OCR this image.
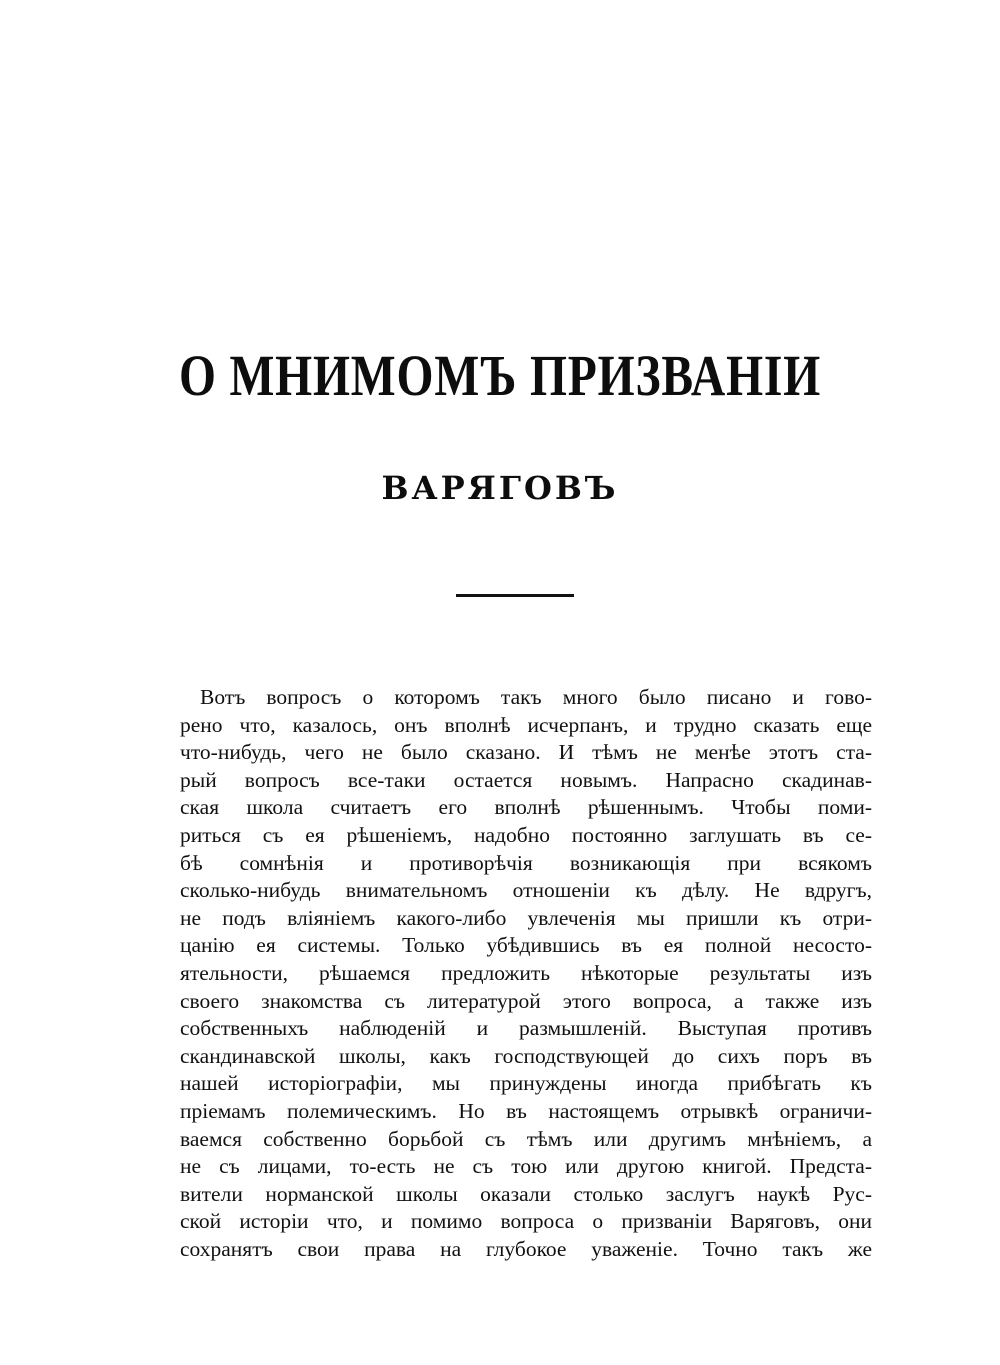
О МНИМОМЪ ПРИЗВАНІИ
ВАРЯГОВЪ
Вотъ вопросъ о которомъ такъ много было писано и гово-
рено что, казалось, онъ вполнѣ исчерпанъ, и трудно сказать еще
что-нибудь, чего не было сказано. И тѣмъ не менѣе этотъ ста-
рый вопросъ все-таки остается новымъ. Напрасно скадинав-
ская школа считаетъ его вполнѣ рѣшеннымъ. Чтобы поми-
риться съ ея рѣшеніемъ, надобно постоянно заглушать въ се-
бѣ сомнѣнія и противорѣчія возникающія при всякомъ
сколько-нибудь внимательномъ отношеніи къ дѣлу. Не вдругъ,
не подъ вліяніемъ какого-либо увлеченія мы пришли къ отри-
цанію ея системы. Только убѣдившись въ ея полной несосто-
ятельности, рѣшаемся предложить нѣкоторые результаты изъ
своего знакомства съ литературой этого вопроса, а также изъ
собственныхъ наблюденій и размышленій. Выступая противъ
скандинавской школы, какъ господствующей до сихъ поръ въ
нашей исторіографіи, мы принуждены иногда прибѣгать къ
пріемамъ полемическимъ. Но въ настоящемъ отрывкѣ ограничи-
ваемся собственно борьбой съ тѣмъ или другимъ мнѣніемъ, а
не съ лицами, то-есть не съ тою или другою книгой. Предста-
вители норманской школы оказали столько заслугъ наукѣ Рус-
ской исторіи что, и помимо вопроса о призваніи Варяговъ, они
сохранятъ свои права на глубокое уваженіе. Точно такъ же
